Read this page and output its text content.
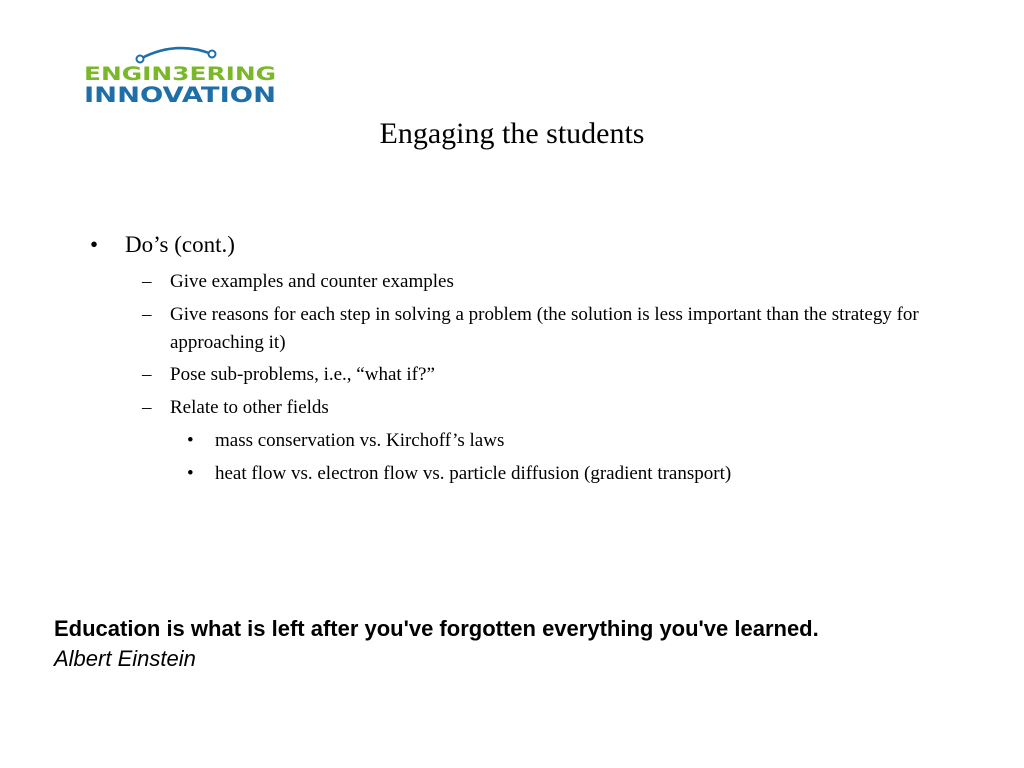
ENGIN3ERING
INNOVATION
Engaging the students
•	Do’s (cont.)
– Give examples and counter examples
– Give reasons for each step in solving a problem (the solution is less important than the strategy for approaching it)
– Pose sub-problems, i.e., “what if?”
– Relate to other fields
• mass conservation vs. Kirchoff’s laws
• heat flow vs. electron flow vs. particle diffusion (gradient transport)
Education is what is left after you've forgotten everything you've learned.
Albert Einstein
